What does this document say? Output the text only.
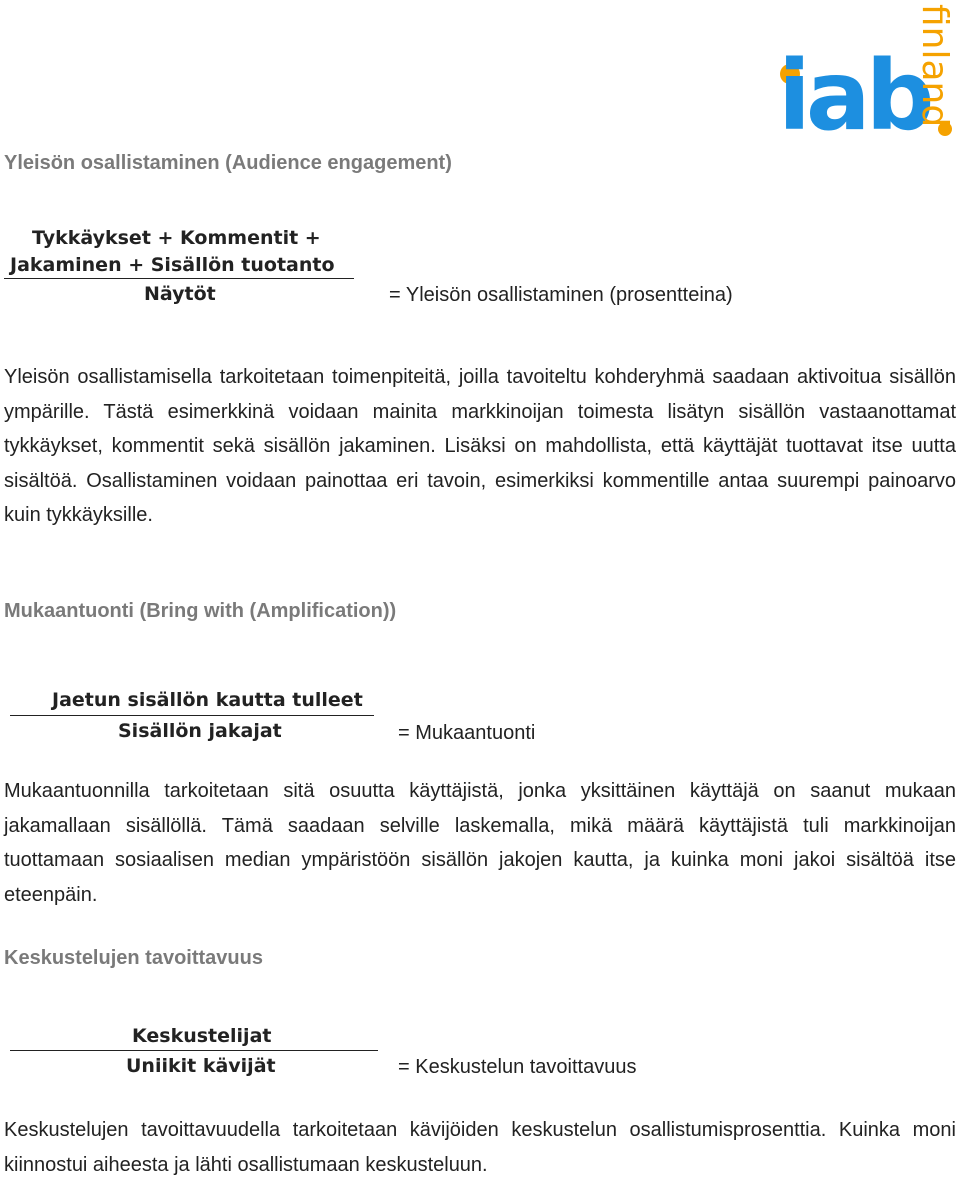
iab
finland
Yleisön osallistaminen (Audience engagement)
Tykkäykset + Kommentit +
Jakaminen + Sisällön tuotanto
Näytöt	= Yleisön osallistaminen (prosentteina)

Yleisön osallistamisella tarkoitetaan toimenpiteitä, joilla tavoiteltu kohderyhmä saadaan aktivoitua sisällön ympärille. Tästä esimerkkinä voidaan mainita markkinoijan toimesta lisätyn sisällön vastaanottamat tykkäykset, kommentit sekä sisällön jakaminen. Lisäksi on mahdollista, että käyttäjät tuottavat itse uutta sisältöä. Osallistaminen voidaan painottaa eri tavoin, esimerkiksi kommentille antaa suurempi painoarvo kuin tykkäyksille.

Mukaantuonti (Bring with (Amplification))
Jaetun sisällön kautta tulleet
Sisällön jakajat	= Mukaantuonti

Mukaantuonnilla tarkoitetaan sitä osuutta käyttäjistä, jonka yksittäinen käyttäjä on saanut mukaan jakamallaan sisällöllä. Tämä saadaan selville laskemalla, mikä määrä käyttäjistä tuli markkinoijan tuottamaan sosiaalisen median ympäristöön sisällön jakojen kautta, ja kuinka moni jakoi sisältöä itse eteenpäin.

Keskustelujen tavoittavuus
Keskustelijat
Uniikit kävijät	= Keskustelun tavoittavuus

Keskustelujen tavoittavuudella tarkoitetaan kävijöiden keskustelun osallistumisprosenttia. Kuinka moni kiinnostui aiheesta ja lähti osallistumaan keskusteluun.
